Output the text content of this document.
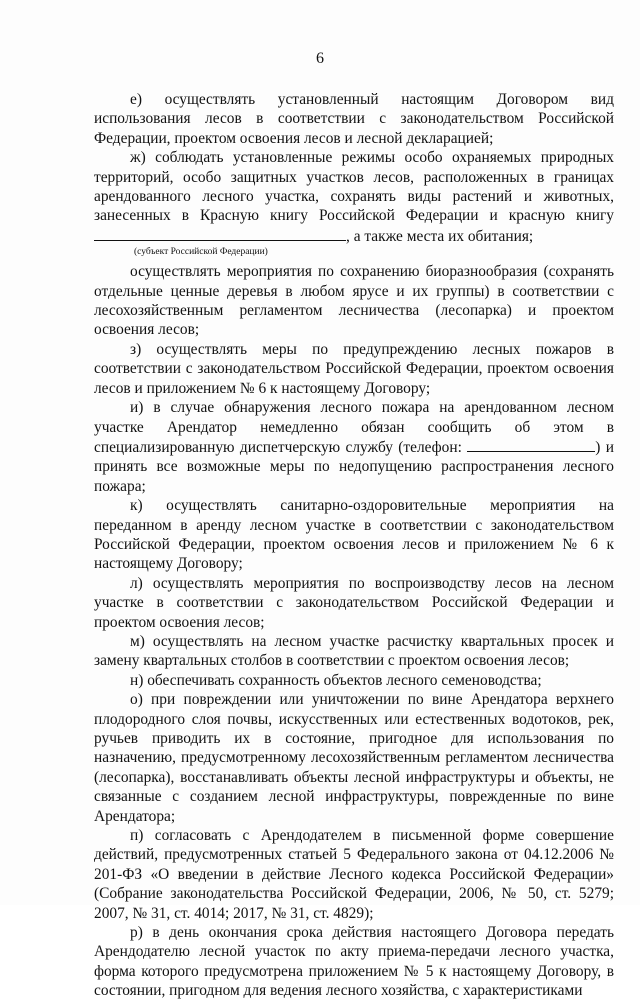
6

е) осуществлять установленный настоящим Договором вид использования лесов в соответствии с законодательством Российской Федерации, проектом освоения лесов и лесной декларацией;

ж) соблюдать установленные режимы особо охраняемых природных территорий, особо защитных участков лесов, расположенных в границах арендованного лесного участка, сохранять виды растений и животных, занесенных в Красную книгу Российской Федерации и красную книгу

, а также места их обитания;

(субъект Российской Федерации)

осуществлять мероприятия по сохранению биоразнообразия (сохранять отдельные ценные деревья в любом ярусе и их группы) в соответствии с лесохозяйственным регламентом лесничества (лесопарка) и проектом освоения лесов;

з) осуществлять меры по предупреждению лесных пожаров в соответствии с законодательством Российской Федерации, проектом освоения лесов и приложением № 6 к настоящему Договору;

и) в случае обнаружения лесного пожара на арендованном лесном участке Арендатор немедленно обязан сообщить об этом в специализированную диспетчерскую службу (телефон:	) и принять все возможные меры по недопущению распространения лесного пожара;

к) осуществлять санитарно-оздоровительные мероприятия на переданном в аренду лесном участке в соответствии с законодательством Российской Федерации, проектом освоения лесов и приложением № 6 к настоящему Договору;

л) осуществлять мероприятия по воспроизводству лесов на лесном участке в соответствии с законодательством Российской Федерации и проектом освоения лесов;

м) осуществлять на лесном участке расчистку квартальных просек и замену квартальных столбов в соответствии с проектом освоения лесов;

н) обеспечивать сохранность объектов лесного семеноводства;

о) при повреждении или уничтожении по вине Арендатора верхнего плодородного слоя почвы, искусственных или естественных водотоков, рек, ручьев приводить их в состояние, пригодное для использования по назначению, предусмотренному лесохозяйственным регламентом лесничества (лесопарка), восстанавливать объекты лесной инфраструктуры и объекты, не связанные с созданием лесной инфраструктуры, поврежденные по вине Арендатора;

п) согласовать с Арендодателем в письменной форме совершение действий, предусмотренных статьей 5 Федерального закона от 04.12.2006 № 201-ФЗ «О введении в действие Лесного кодекса Российской Федерации» (Собрание законодательства Российской Федерации, 2006, № 50, ст. 5279; 2007, № 31, ст. 4014; 2017, № 31, ст. 4829);

р) в день окончания срока действия настоящего Договора передать Арендодателю лесной участок по акту приема-передачи лесного участка, форма которого предусмотрена приложением № 5 к настоящему Договору, в состоянии, пригодном для ведения лесного хозяйства, с характеристиками
